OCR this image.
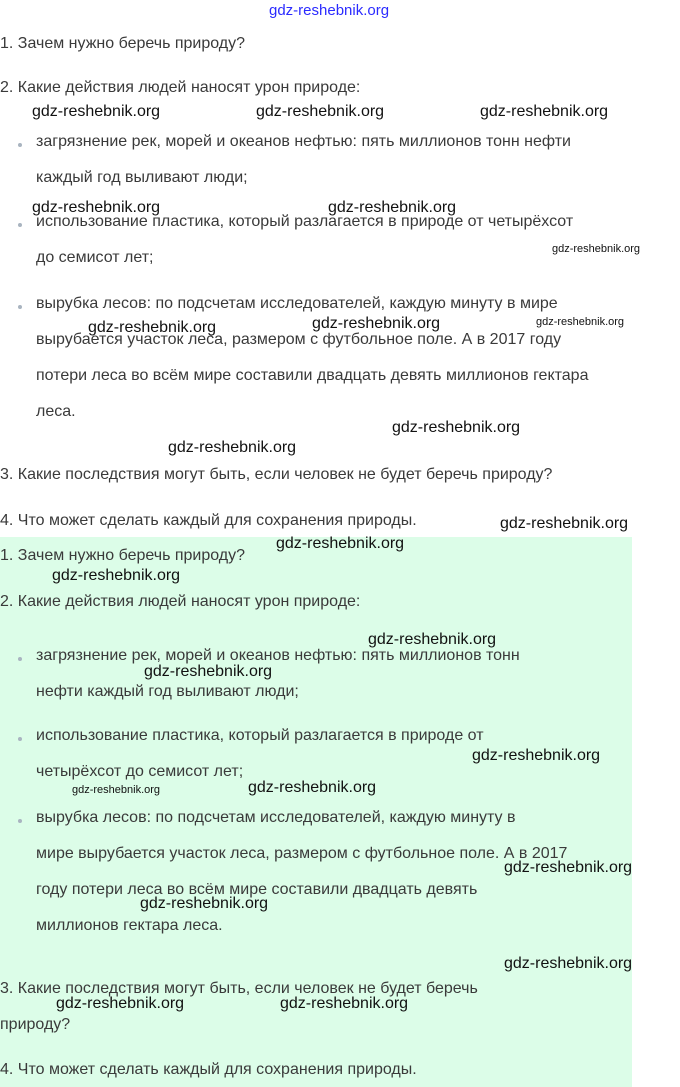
gdz-reshebnik.org
1. Зачем нужно беречь природу?
2. Какие действия людей наносят урон природе:
загрязнение рек, морей и океанов нефтью: пять миллионов тонн нефти
каждый год выливают люди;
использование пластика, который разлагается в природе от четырёхсот
до семисот лет;
вырубка лесов: по подсчетам исследователей, каждую минуту в мире
вырубается участок леса, размером с футбольное поле. А в 2017 году
потери леса во всём мире составили двадцать девять миллионов гектара
леса.
3. Какие последствия могут быть, если человек не будет беречь природу?
4. Что может сделать каждый для сохранения природы.
1. Зачем нужно беречь природу?
2. Какие действия людей наносят урон природе:
загрязнение рек, морей и океанов нефтью: пять миллионов тонн
нефти каждый год выливают люди;
использование пластика, который разлагается в природе от
четырёхсот до семисот лет;
вырубка лесов: по подсчетам исследователей, каждую минуту в
мире вырубается участок леса, размером с футбольное поле. А в 2017
году потери леса во всём мире составили двадцать девять
миллионов гектара леса.
3. Какие последствия могут быть, если человек не будет беречь
природу?
4. Что может сделать каждый для сохранения природы.
gdz-reshebnik.org	gdz-reshebnik.org	gdz-reshebnik.org
gdz-reshebnik.org	gdz-reshebnik.org
gdz-reshebnik.org
gdz-reshebnik.org	gdz-reshebnik.org	gdz-reshebnik.org
gdz-reshebnik.org
gdz-reshebnik.org
gdz-reshebnik.org
gdz-reshebnik.org
gdz-reshebnik.org
gdz-reshebnik.org
gdz-reshebnik.org
gdz-reshebnik.org
gdz-reshebnik.org	gdz-reshebnik.org
gdz-reshebnik.org
gdz-reshebnik.org
gdz-reshebnik.org
gdz-reshebnik.org	gdz-reshebnik.org
